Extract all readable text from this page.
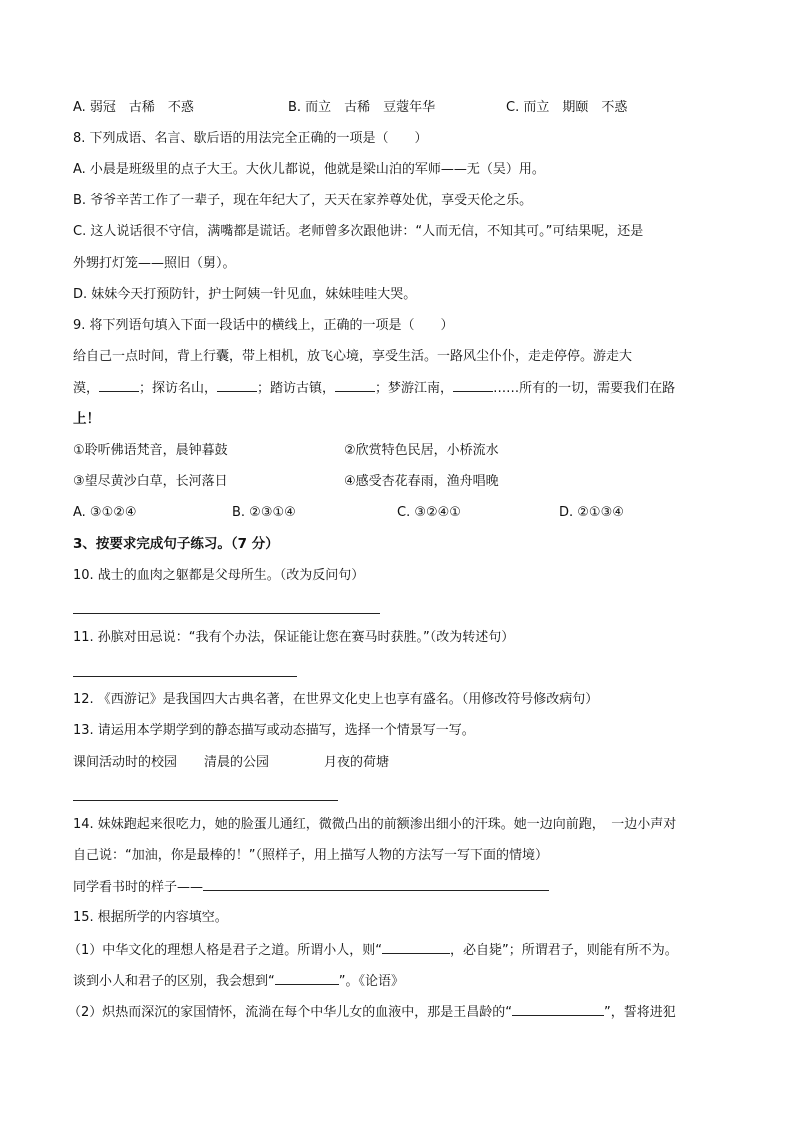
A. 弱冠　古稀　不惑	B. 而立　古稀　豆蔻年华	C. 而立　期颐　不惑
8. 下列成语、名言、歇后语的用法完全正确的一项是（　　）
A. 小晨是班级里的点子大王。大伙儿都说，他就是梁山泊的军师——无（吴）用。
B. 爷爷辛苦工作了一辈子，现在年纪大了，天天在家养尊处优，享受天伦之乐。
C. 这人说话很不守信，满嘴都是谎话。老师曾多次跟他讲：“人而无信，不知其可。”可结果呢，还是
外甥打灯笼——照旧（舅）。
D. 妹妹今天打预防针，护士阿姨一针见血，妹妹哇哇大哭。
9. 将下列语句填入下面一段话中的横线上，正确的一项是（　　）
给自己一点时间，背上行囊，带上相机，放飞心境，享受生活。一路风尘仆仆，走走停停。游走大
漠，	；探访名山，	；踏访古镇，	；梦游江南，	……所有的一切，需要我们在路
上！
①聆听佛语梵音，晨钟暮鼓	②欣赏特色民居，小桥流水
③望尽黄沙白草，长河落日	④感受杏花春雨，渔舟唱晚
A. ③①②④	B. ②③①④	C. ③②④①	D. ②①③④
3、按要求完成句子练习。（7 分）
10. 战士的血肉之躯都是父母所生。（改为反问句）
11. 孙膑对田忌说：“我有个办法，保证能让您在赛马时获胜。”（改为转述句）
12. 《西游记》是我国四大古典名著，在世界文化史上也享有盛名。（用修改符号修改病句）
13. 请运用本学期学到的静态描写或动态描写，选择一个情景写一写。
课间活动时的校园 清晨的公园	月夜的荷塘
14. 妹妹跑起来很吃力，她的脸蛋儿通红，微微凸出的前额渗出细小的汗珠。她一边向前跑，　一边小声对
自己说：“加油，你是最棒的！”（照样子，用上描写人物的方法写一写下面的情境）
同学看书时的样子——
15. 根据所学的内容填空。
（1）中华文化的理想人格是君子之道。所谓小人，则“	，必自毙”；所谓君子，则能有所不为。
谈到小人和君子的区别，我会想到“	”。《论语》
（2）炽热而深沉的家国情怀，流淌在每个中华儿女的血液中，那是王昌龄的“	”，誓将进犯
